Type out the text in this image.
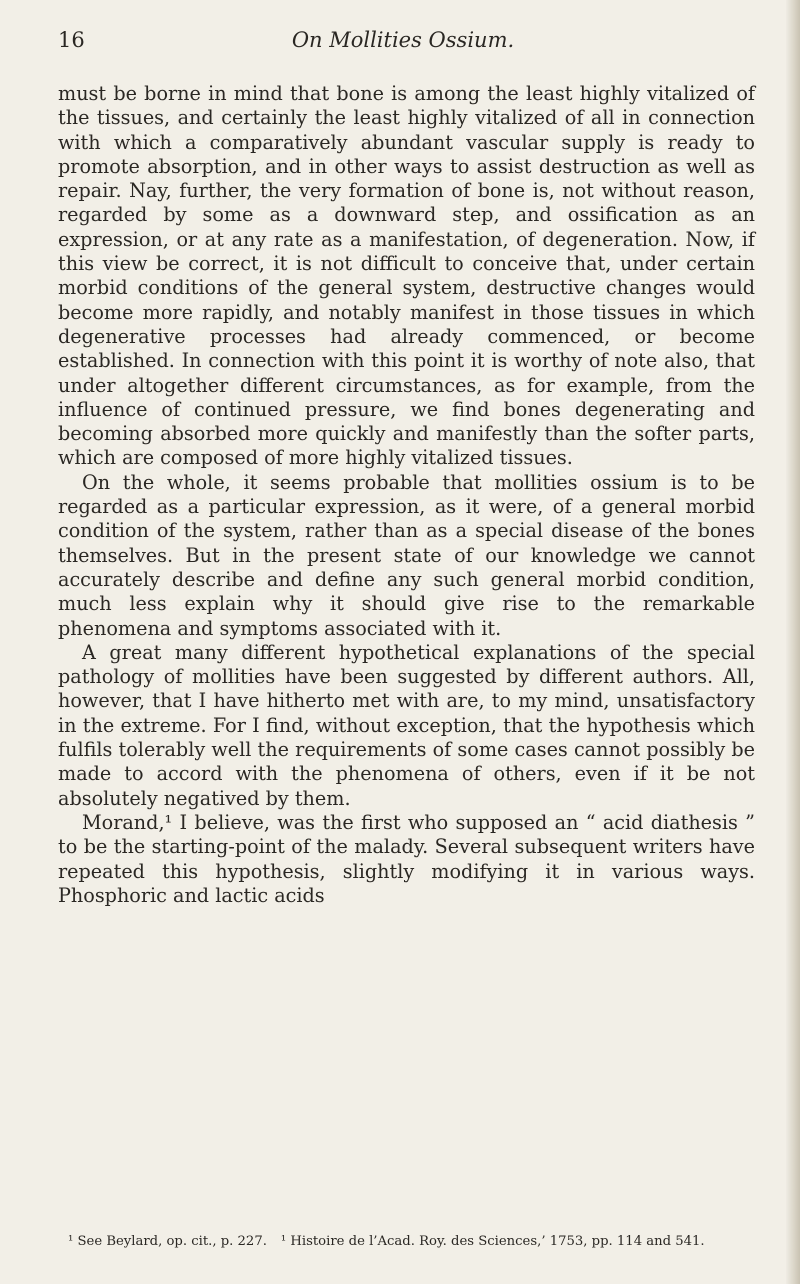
16	On Mollities Ossium.

must be borne in mind that bone is among the least highly vitalized of the tissues, and certainly the least highly vitalized of all in connection with which a comparatively abundant vascular supply is ready to promote absorption, and in other ways to assist destruction as well as repair. Nay, further, the very formation of bone is, not without reason, regarded by some as a downward step, and ossification as an expression, or at any rate as a manifestation, of degeneration. Now, if this view be correct, it is not difficult to conceive that, under certain morbid conditions of the general system, destructive changes would become more rapidly, and notably manifest in those tissues in which degenerative processes had already commenced, or become established. In connection with this point it is worthy of note also, that under altogether different circumstances, as for example, from the influence of continued pressure, we find bones degenerating and becoming absorbed more quickly and manifestly than the softer parts, which are composed of more highly vitalized tissues.

On the whole, it seems probable that mollities ossium is to be regarded as a particular expression, as it were, of a general morbid condition of the system, rather than as a special disease of the bones themselves. But in the present state of our knowledge we cannot accurately describe and define any such general morbid condition, much less explain why it should give rise to the remarkable phenomena and symptoms associated with it.

A great many different hypothetical explanations of the special pathology of mollities have been suggested by different authors. All, however, that I have hitherto met with are, to my mind, unsatisfactory in the extreme. For I find, without exception, that the hypothesis which fulfils tolerably well the requirements of some cases cannot possibly be made to accord with the phenomena of others, even if it be not absolutely negatived by them.

Morand,¹ I believe, was the first who supposed an “ acid diathesis ” to be the starting-point of the malady. Several subsequent writers have repeated this hypothesis, slightly modifying it in various ways. Phosphoric and lactic acids

¹ See Beylard, op. cit., p. 227. ¹ Histoire de l’Acad. Roy. des Sciences,’ 1753, pp. 114 and 541.
